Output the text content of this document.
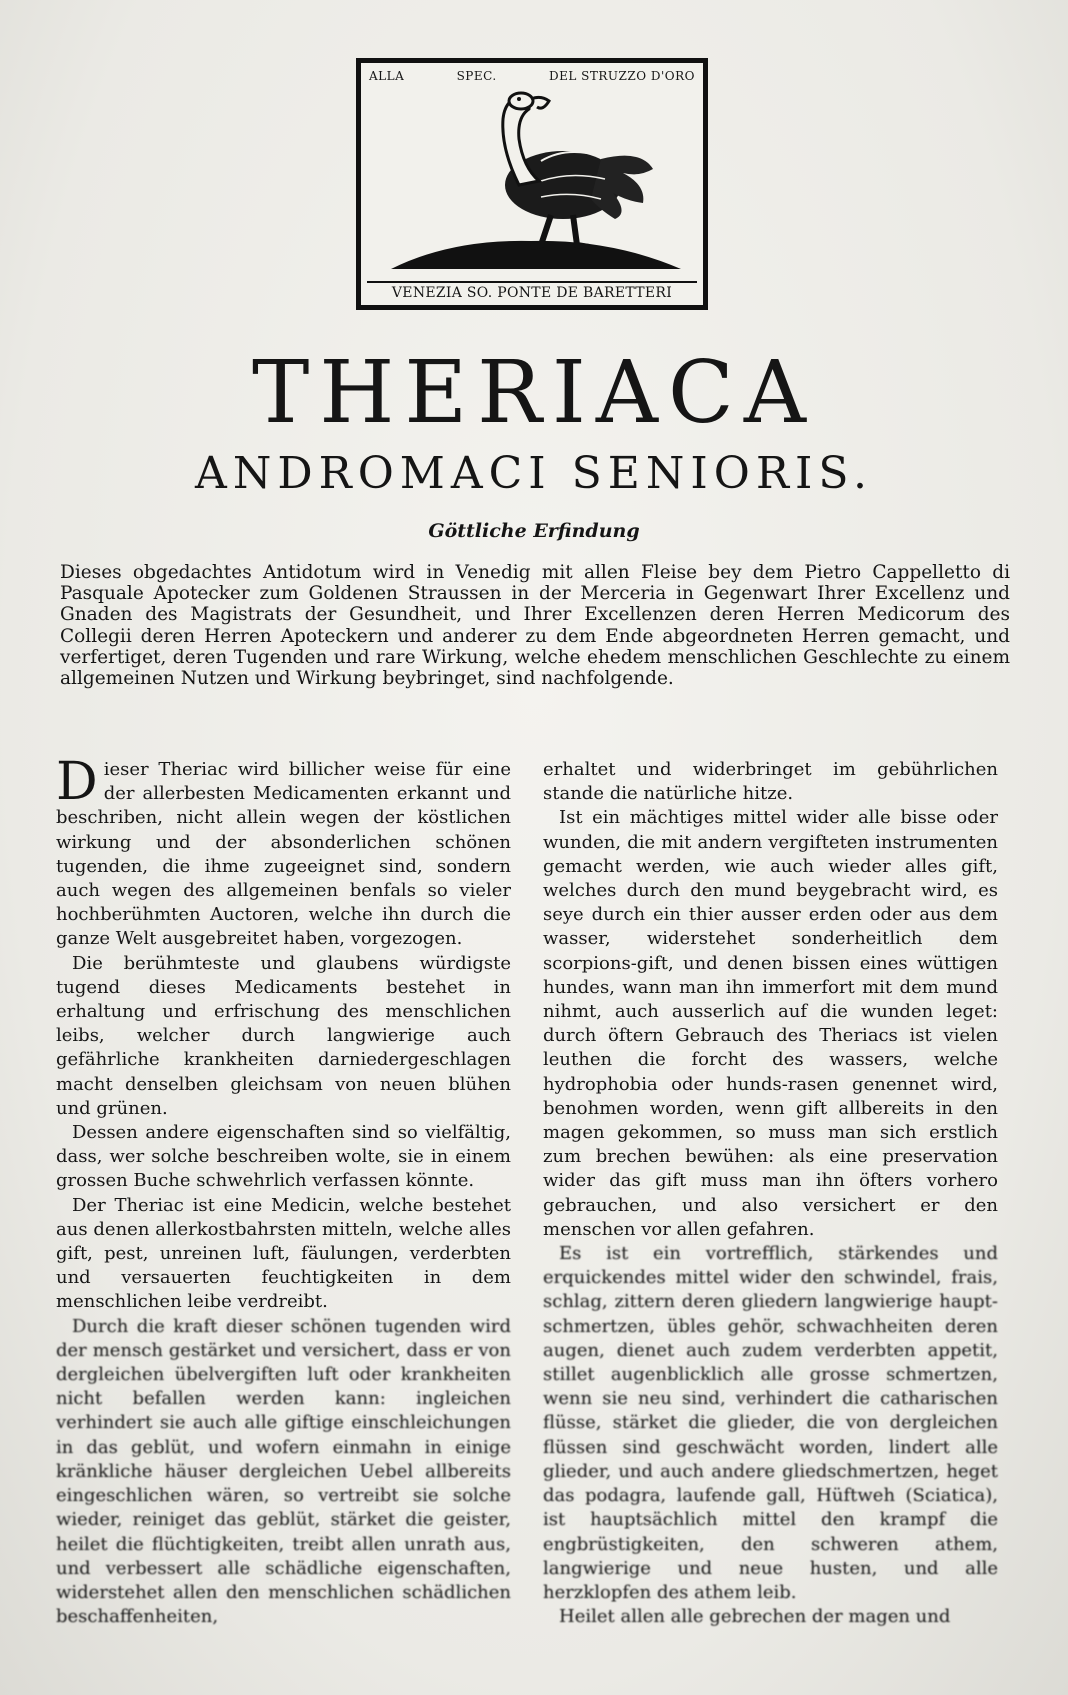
ALLA	SPEC.	DEL STRUZZO D'ORO
VENEZIA SO. PONTE DE BARETTERI
THERIACA
ANDROMACI SENIORIS.
Göttliche Erfindung
Dieses obgedachtes Antidotum wird in Venedig mit allen Fleise bey dem Pietro Cappelletto di Pasquale Apotecker zum Goldenen Straussen in der Merceria in Gegenwart Ihrer Excellenz und Gnaden des Magistrats der Gesundheit, und Ihrer Excellenzen deren Herren Medicorum des Collegii deren Herren Apoteckern und anderer zu dem Ende abgeordneten Herren gemacht, und verfertiget, deren Tugenden und rare Wirkung, welche ehedem menschlichen Geschlechte zu einem allgemeinen Nutzen und Wirkung beybringet, sind nachfolgende.

Dieser Theriac wird billicher weise für eine der allerbesten Medicamenten erkannt und beschriben, nicht allein wegen der köstlichen wirkung und der absonderlichen schönen tugenden, die ihme zugeeignet sind, sondern auch wegen des allgemeinen benfals so vieler hochberühmten Auctoren, welche ihn durch die ganze Welt ausgebreitet haben, vorgezogen.

Die berühmteste und glaubens würdigste tugend dieses Medicaments bestehet in erhaltung und erfrischung des menschlichen leibs, welcher durch langwierige auch gefährliche krankheiten darniedergeschlagen macht denselben gleichsam von neuen blühen und grünen.

Dessen andere eigenschaften sind so vielfältig, dass, wer solche beschreiben wolte, sie in einem grossen Buche schwehrlich verfassen könnte.

Der Theriac ist eine Medicin, welche bestehet aus denen allerkostbahrsten mitteln, welche alles gift, pest, unreinen luft, fäulungen, verderbten und versauerten feuchtigkeiten in dem menschlichen leibe verdreibt.

Durch die kraft dieser schönen tugenden wird der mensch gestärket und versichert, dass er von dergleichen übelvergiften luft oder krankheiten nicht befallen werden kann: ingleichen verhindert sie auch alle giftige einschleichungen in das geblüt, und wofern einmahn in einige kränkliche häuser dergleichen Uebel allbereits eingeschlichen wären, so vertreibt sie solche wieder, reiniget das geblüt, stärket die geister, heilet die flüchtigkeiten, treibt allen unrath aus, und verbessert alle schädliche eigenschaften, widerstehet allen den menschlichen schädlichen beschaffenheiten,

erhaltet und widerbringet im gebührlichen stande die natürliche hitze.

Ist ein mächtiges mittel wider alle bisse oder wunden, die mit andern vergifteten instrumenten gemacht werden, wie auch wieder alles gift, welches durch den mund beygebracht wird, es seye durch ein thier ausser erden oder aus dem wasser, widerstehet sonderheitlich dem scorpions-gift, und denen bissen eines wüttigen hundes, wann man ihn immerfort mit dem mund nihmt, auch ausserlich auf die wunden leget: durch öftern Gebrauch des Theriacs ist vielen leuthen die forcht des wassers, welche hydrophobia oder hunds-rasen genennet wird, benohmen worden, wenn gift allbereits in den magen gekommen, so muss man sich erstlich zum brechen bewühen: als eine preservation wider das gift muss man ihn öfters vorhero gebrauchen, und also versichert er den menschen vor allen gefahren.

Es ist ein vortrefflich, stärkendes und erquickendes mittel wider den schwindel, frais, schlag, zittern deren gliedern langwierige haupt-schmertzen, übles gehör, schwachheiten deren augen, dienet auch zudem verderbten appetit, stillet augenblicklich alle grosse schmertzen, wenn sie neu sind, verhindert die catharischen flüsse, stärket die glieder, die von dergleichen flüssen sind geschwächt worden, lindert alle glieder, und auch andere gliedschmertzen, heget das podagra, laufende gall, Hüftweh (Sciatica), ist hauptsächlich mittel den krampf die engbrüstigkeiten, den schweren athem, langwierige und neue husten, und alle herzklopfen des athem leib.

Heilet allen alle gebrechen der magen und
